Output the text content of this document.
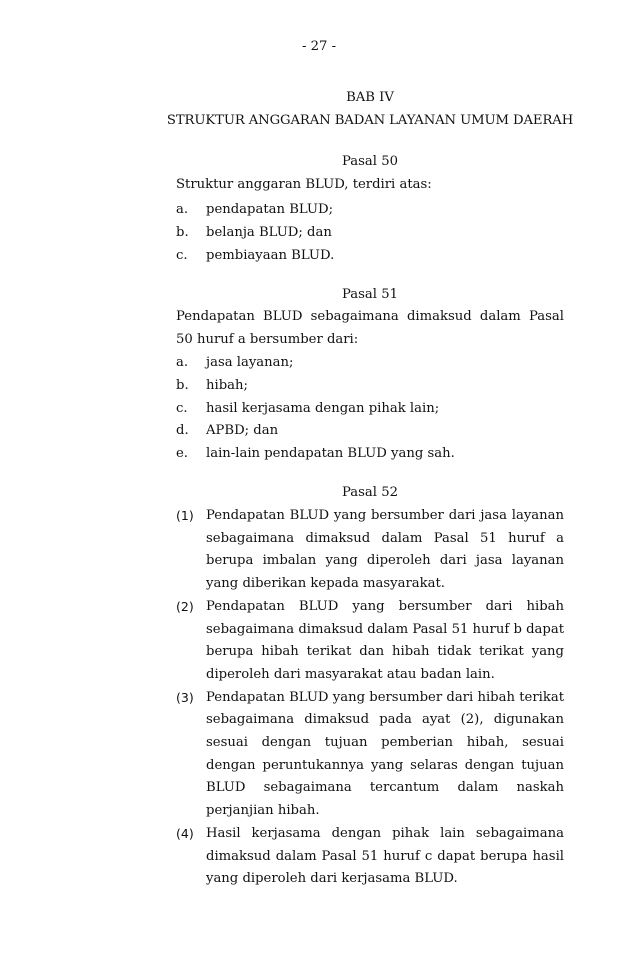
- 27 -
BAB IV
STRUKTUR ANGGARAN BADAN LAYANAN UMUM DAERAH
Pasal 50
Struktur anggaran BLUD, terdiri atas:
a.	pendapatan BLUD;
b.	belanja BLUD; dan
c.	pembiayaan BLUD.
Pasal 51
Pendapatan BLUD sebagaimana dimaksud dalam Pasal 50 huruf a bersumber dari:
a.	jasa layanan;
b.	hibah;
c.	hasil kerjasama dengan pihak lain;
d.	APBD; dan
e.	lain-lain pendapatan BLUD yang sah.
Pasal 52
(1) Pendapatan BLUD yang bersumber dari jasa layanan sebagaimana dimaksud dalam Pasal 51 huruf a berupa imbalan yang diperoleh dari jasa layanan yang diberikan kepada masyarakat.
(2) Pendapatan BLUD yang bersumber dari hibah sebagaimana dimaksud dalam Pasal 51 huruf b dapat berupa hibah terikat dan hibah tidak terikat yang diperoleh dari masyarakat atau badan lain.
(3) Pendapatan BLUD yang bersumber dari hibah terikat sebagaimana dimaksud pada ayat (2), digunakan sesuai dengan tujuan pemberian hibah, sesuai dengan peruntukannya yang selaras dengan tujuan BLUD sebagaimana tercantum dalam naskah perjanjian hibah.
(4) Hasil kerjasama dengan pihak lain sebagaimana dimaksud dalam Pasal 51 huruf c dapat berupa hasil yang diperoleh dari kerjasama BLUD.
